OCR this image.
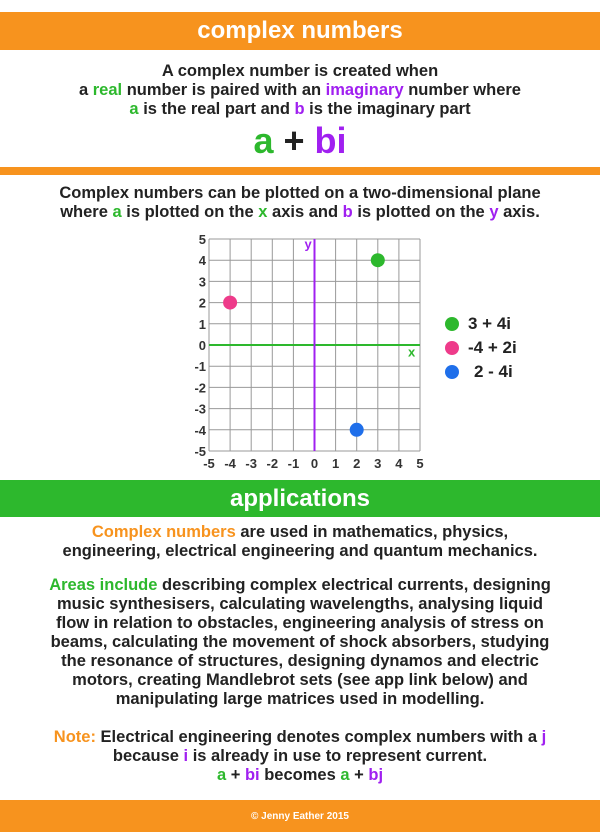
complex numbers
A complex number is created when
a real number is paired with an imaginary number where
a is the real part and b is the imaginary part
a + bi
Complex numbers can be plotted on a two-dimensional plane
where a is plotted on the x axis and b is plotted on the y axis.
x
y
5
4
3
2
1
0
-1
-2
-3
-4
-5
-5 -4 -3 -2 -1 0 1 2 3 4 5
3 + 4i
-4 + 2i
2 - 4i
applications
Complex numbers are used in mathematics, physics,
engineering, electrical engineering and quantum mechanics.
Areas include describing complex electrical currents, designing
music synthesisers, calculating wavelengths, analysing liquid
flow in relation to obstacles, engineering analysis of stress on
beams, calculating the movement of shock absorbers, studying
the resonance of structures, designing dynamos and electric
motors, creating Mandlebrot sets (see app link below) and
manipulating large matrices used in modelling.
Note: Electrical engineering denotes complex numbers with a j
because i is already in use to represent current.
a + bi becomes a + bj
© Jenny Eather 2015
